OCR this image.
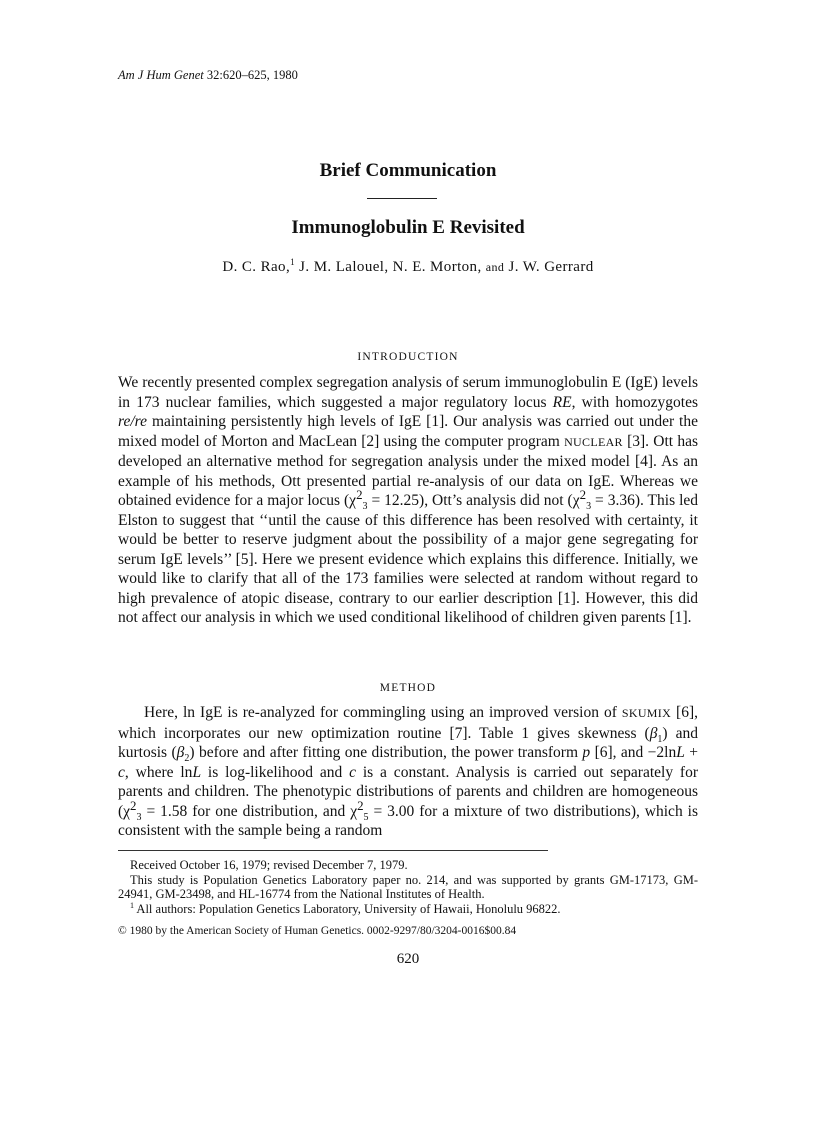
Am J Hum Genet 32:620–625, 1980
Brief Communication
Immunoglobulin E Revisited
D. C. Rao,$^1$ J. M. Lalouel, N. E. Morton, and J. W. Gerrard
INTRODUCTION

We recently presented complex segregation analysis of serum immunoglobulin E (IgE) levels in 173 nuclear families, which suggested a major regulatory locus RE, with homozygotes re/re maintaining persistently high levels of IgE [1]. Our analysis was carried out under the mixed model of Morton and MacLean [2] using the computer program NUCLEAR [3]. Ott has developed an alternative method for segregation analysis under the mixed model [4]. As an example of his methods, Ott presented partial re-analysis of our data on IgE. Whereas we obtained evidence for a major locus $(\chi^2_3 = 12.25)$, Ott’s analysis did not $(\chi^2_3 = 3.36)$. This led Elston to suggest that ‘‘until the cause of this difference has been resolved with certainty, it would be better to reserve judgment about the possibility of a major gene segregating for serum IgE levels’’ [5]. Here we present evidence which explains this difference. Initially, we would like to clarify that all of the 173 families were selected at random without regard to high prevalence of atopic disease, contrary to our earlier description [1]. However, this did not affect our analysis in which we used conditional likelihood of children given parents [1].

METHOD

Here, ln IgE is re-analyzed for commingling using an improved version of SKUMIX [6], which incorporates our new optimization routine [7]. Table 1 gives skewness $(\beta_1)$ and kurtosis $(\beta_2)$ before and after fitting one distribution, the power transform p [6], and −2lnL + c, where lnL is log-likelihood and c is a constant. Analysis is carried out separately for parents and children. The phenotypic distributions of parents and children are homogeneous ($\chi^2_3 = 1.58$ for one distribution, and $\chi^2_5 = 3.00$ for a mixture of two distributions), which is consistent with the sample being a random

Received October 16, 1979; revised December 7, 1979.

This study is Population Genetics Laboratory paper no. 214, and was supported by grants GM-17173, GM-24941, GM-23498, and HL-16774 from the National Institutes of Health.

$^1$ All authors: Population Genetics Laboratory, University of Hawaii, Honolulu 96822.

© 1980 by the American Society of Human Genetics. 0002-9297/80/3204-0016$00.84

620
